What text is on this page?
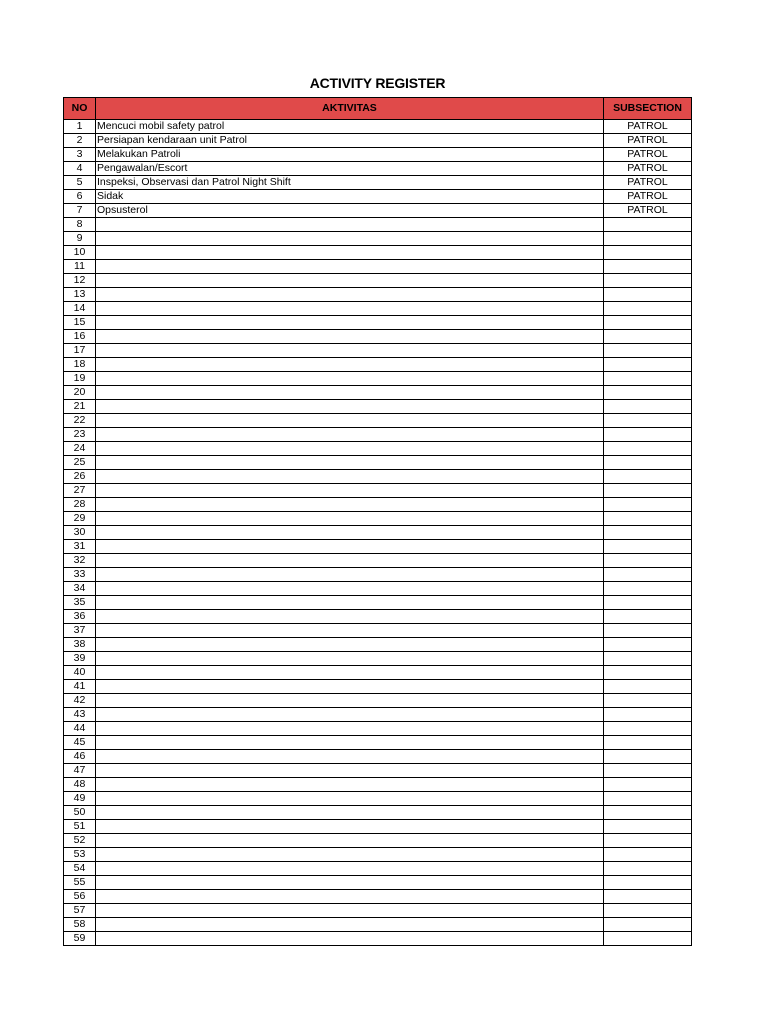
ACTIVITY REGISTER
NO	AKTIVITAS	SUBSECTION
1	Mencuci mobil safety patrol	PATROL
2	Persiapan kendaraan unit Patrol	PATROL
3	Melakukan Patroli	PATROL
4	Pengawalan/Escort	PATROL
5	Inspeksi, Observasi dan Patrol Night Shift	PATROL
6	Sidak	PATROL
7	Opsusterol	PATROL
8
9
10
11
12
13
14
15
16
17
18
19
20
21
22
23
24
25
26
27
28
29
30
31
32
33
34
35
36
37
38
39
40
41
42
43
44
45
46
47
48
49
50
51
52
53
54
55
56
57
58
59
